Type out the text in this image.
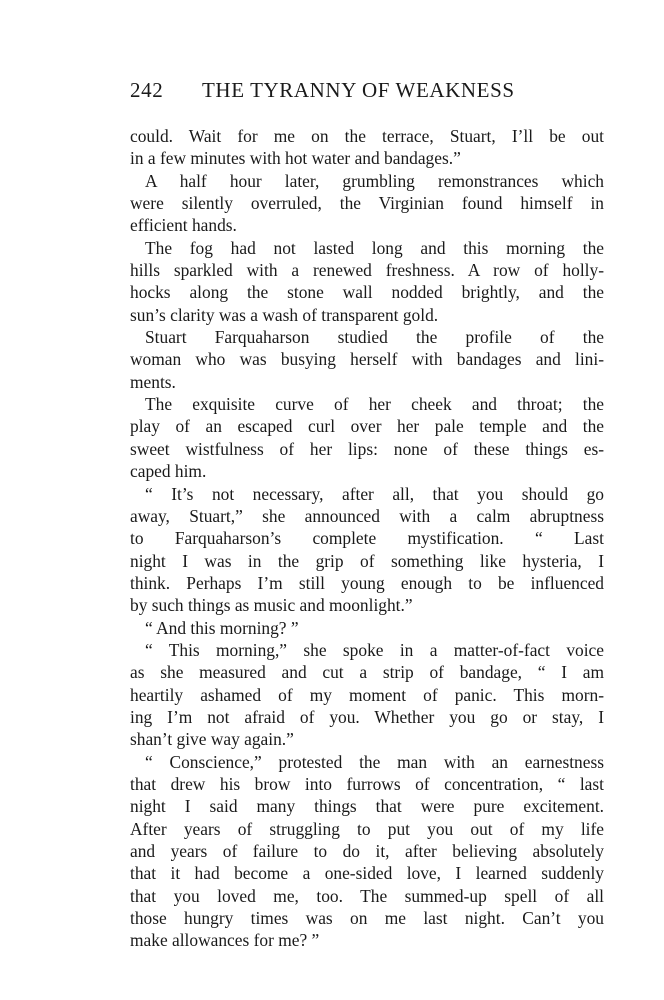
242	THE TYRANNY OF WEAKNESS
could. Wait for me on the terrace, Stuart, I’ll be out
in a few minutes with hot water and bandages.”
A half hour later, grumbling remonstrances which
were silently overruled, the Virginian found himself in
efficient hands.
The fog had not lasted long and this morning the
hills sparkled with a renewed freshness. A row of holly-
hocks along the stone wall nodded brightly, and the
sun’s clarity was a wash of transparent gold.
Stuart Farquaharson studied the profile of the
woman who was busying herself with bandages and lini-
ments.
The exquisite curve of her cheek and throat; the
play of an escaped curl over her pale temple and the
sweet wistfulness of her lips: none of these things es-
caped him.
“ It’s not necessary, after all, that you should go
away, Stuart,” she announced with a calm abruptness
to Farquaharson’s complete mystification. “ Last
night I was in the grip of something like hysteria, I
think. Perhaps I’m still young enough to be influenced
by such things as music and moonlight.”
“ And this morning? ”
“ This morning,” she spoke in a matter-of-fact voice
as she measured and cut a strip of bandage, “ I am
heartily ashamed of my moment of panic. This morn-
ing I’m not afraid of you. Whether you go or stay, I
shan’t give way again.”
“ Conscience,” protested the man with an earnestness
that drew his brow into furrows of concentration, “ last
night I said many things that were pure excitement.
After years of struggling to put you out of my life
and years of failure to do it, after believing absolutely
that it had become a one-sided love, I learned suddenly
that you loved me, too. The summed-up spell of all
those hungry times was on me last night. Can’t you
make allowances for me? ”
